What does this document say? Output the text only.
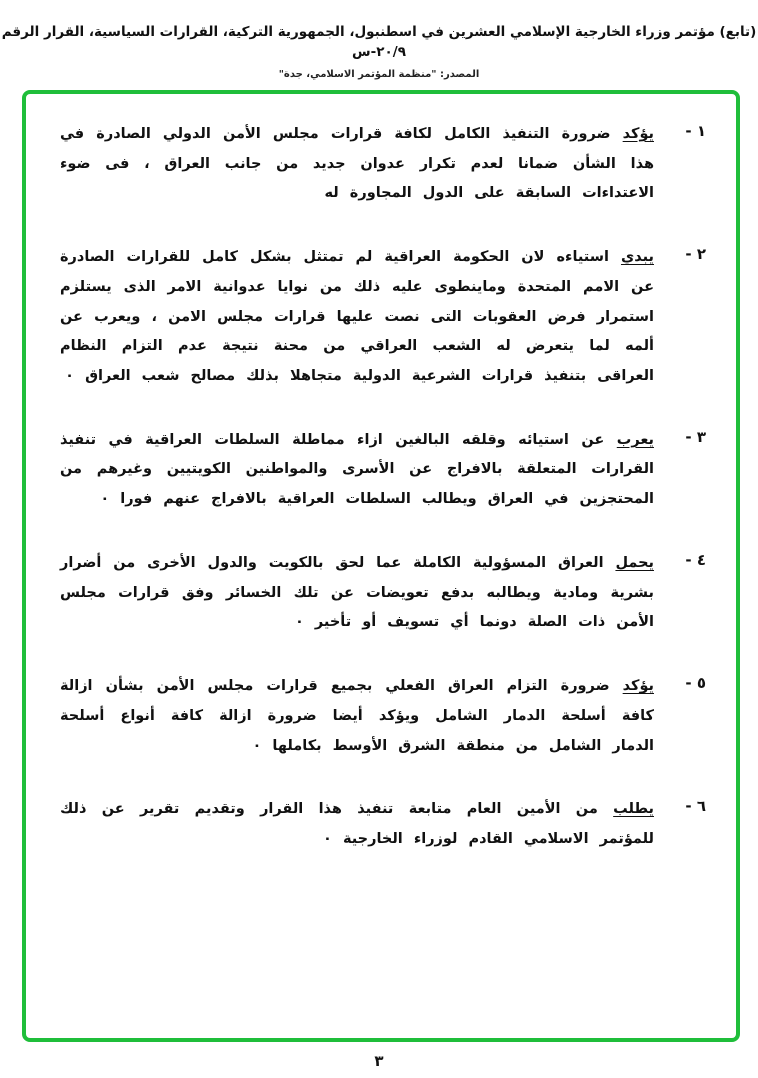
(تابع) مؤتمر وزراء الخارجية الإسلامي العشرين في اسطنبول، الجمهورية التركية، القرارات السياسية، القرار الرقم ٢٠/٩-س
المصدر: "منظمة المؤتمر الاسلامي، جدة"
١ -
يؤكد ضرورة التنفيذ الكامل لكافة قرارات مجلس الأمن الدولي الصادرة في هذا الشأن ضمانا لعدم تكرار عدوان جديد من جانب العراق ، فى ضوء الاعتداءات السابقة على الدول المجاورة له
٢ -
يبدي استياءه لان الحكومة العراقية لم تمتثل بشكل كامل للقرارات الصادرة عن الامم المتحدة وماينطوى عليه ذلك من نوايا عدوانية الامر الذى يستلزم استمرار فرض العقوبات التى نصت عليها قرارات مجلس الامن ، ويعرب عن ألمه لما يتعرض له الشعب العراقي من محنة نتيجة عدم التزام النظام العراقى بتنفيذ قرارات الشرعية الدولية متجاهلا بذلك مصالح شعب العراق ٠
٣ -
يعرب عن استيائه وقلقه البالغين ازاء مماطلة السلطات العراقية في تنفيذ القرارات المتعلقة بالافراج عن الأسرى والمواطنين الكويتيين وغيرهم من المحتجزين في العراق ويطالب السلطات العراقية بالافراج عنهم فورا ٠
٤ -
يحمل العراق المسؤولية الكاملة عما لحق بالكويت والدول الأخرى من أضرار بشرية ومادية ويطالبه بدفع تعويضات عن تلك الخسائر وفق قرارات مجلس الأمن ذات الصلة دونما أي تسويف أو تأخير ٠
٥ -
يؤكد ضرورة التزام العراق الفعلي بجميع قرارات مجلس الأمن بشأن ازالة كافة أسلحة الدمار الشامل ويؤكد أيضا ضرورة ازالة كافة أنواع أسلحة الدمار الشامل من منطقة الشرق الأوسط بكاملها ٠
٦ -
يطلب من الأمين العام متابعة تنفيذ هذا القرار وتقديم تقرير عن ذلك للمؤتمر الاسلامي القادم لوزراء الخارجية ٠
٣
